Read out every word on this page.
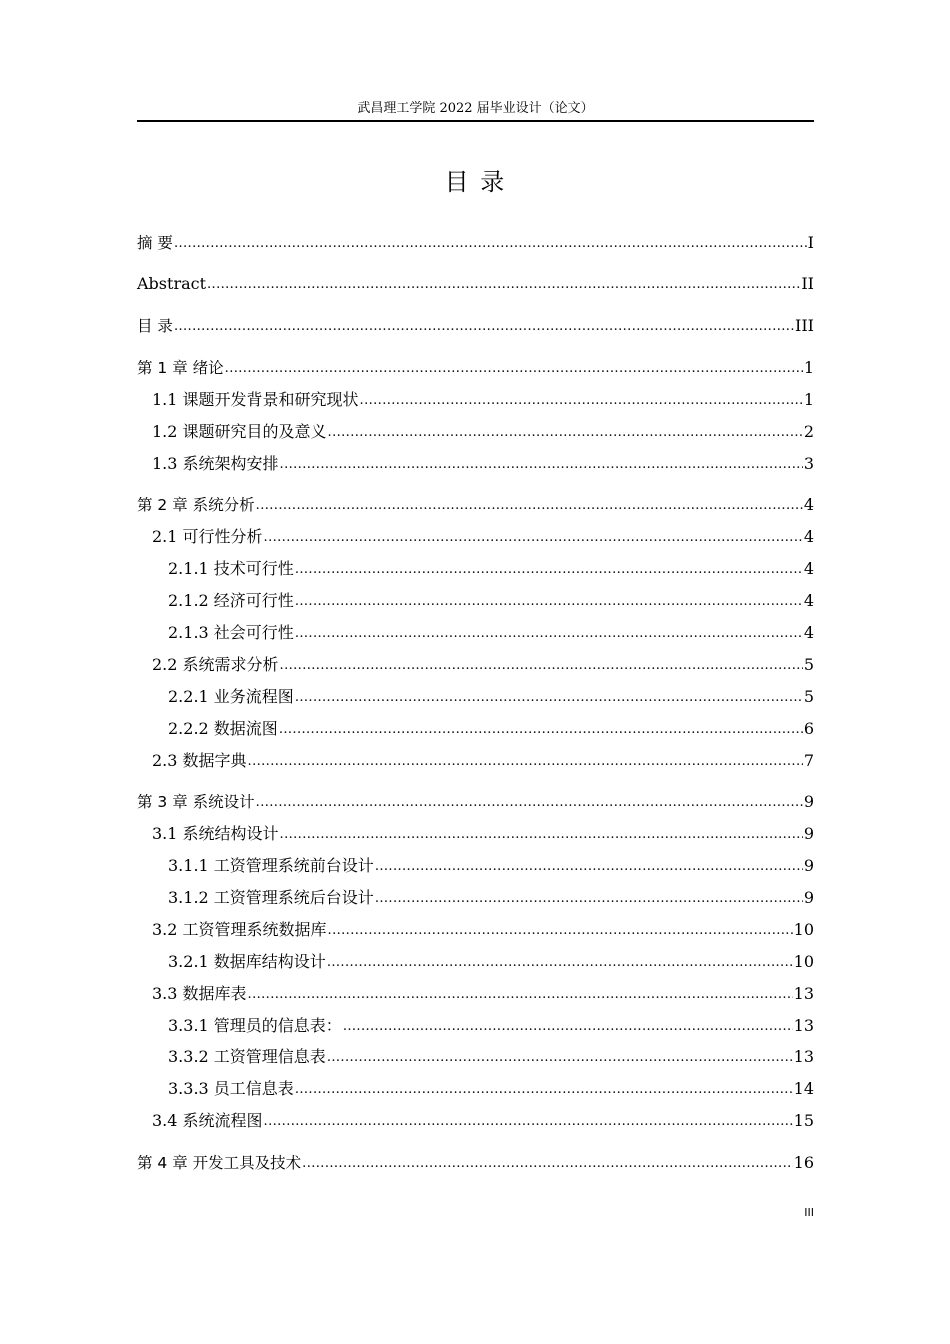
武昌理工学院 2022 届毕业设计（论文）
目 录
摘 要 .....	I
Abstract .....	II
目 录 .....	III
第 1 章 绪论 .....	1
1.1 课题开发背景和研究现状 .....	1
1.2 课题研究目的及意义 .....	2
1.3 系统架构安排 .....	3
第 2 章 系统分析 .....	4
2.1 可行性分析 .....	4
2.1.1 技术可行性 .....	4
2.1.2 经济可行性 .....	4
2.1.3 社会可行性 .....	4
2.2 系统需求分析 .....	5
2.2.1 业务流程图 .....	5
2.2.2 数据流图 .....	6
2.3 数据字典 .....	7
第 3 章 系统设计 .....	9
3.1 系统结构设计 .....	9
3.1.1 工资管理系统前台设计 .....	9
3.1.2 工资管理系统后台设计 .....	9
3.2 工资管理系统数据库 .....	10
3.2.1 数据库结构设计 .....	10
3.3 数据库表 .....	13
3.3.1 管理员的信息表： .....	13
3.3.2 工资管理信息表 .....	13
3.3.3 员工信息表 .....	14
3.4 系统流程图 .....	15
第 4 章 开发工具及技术 .....	16
III
